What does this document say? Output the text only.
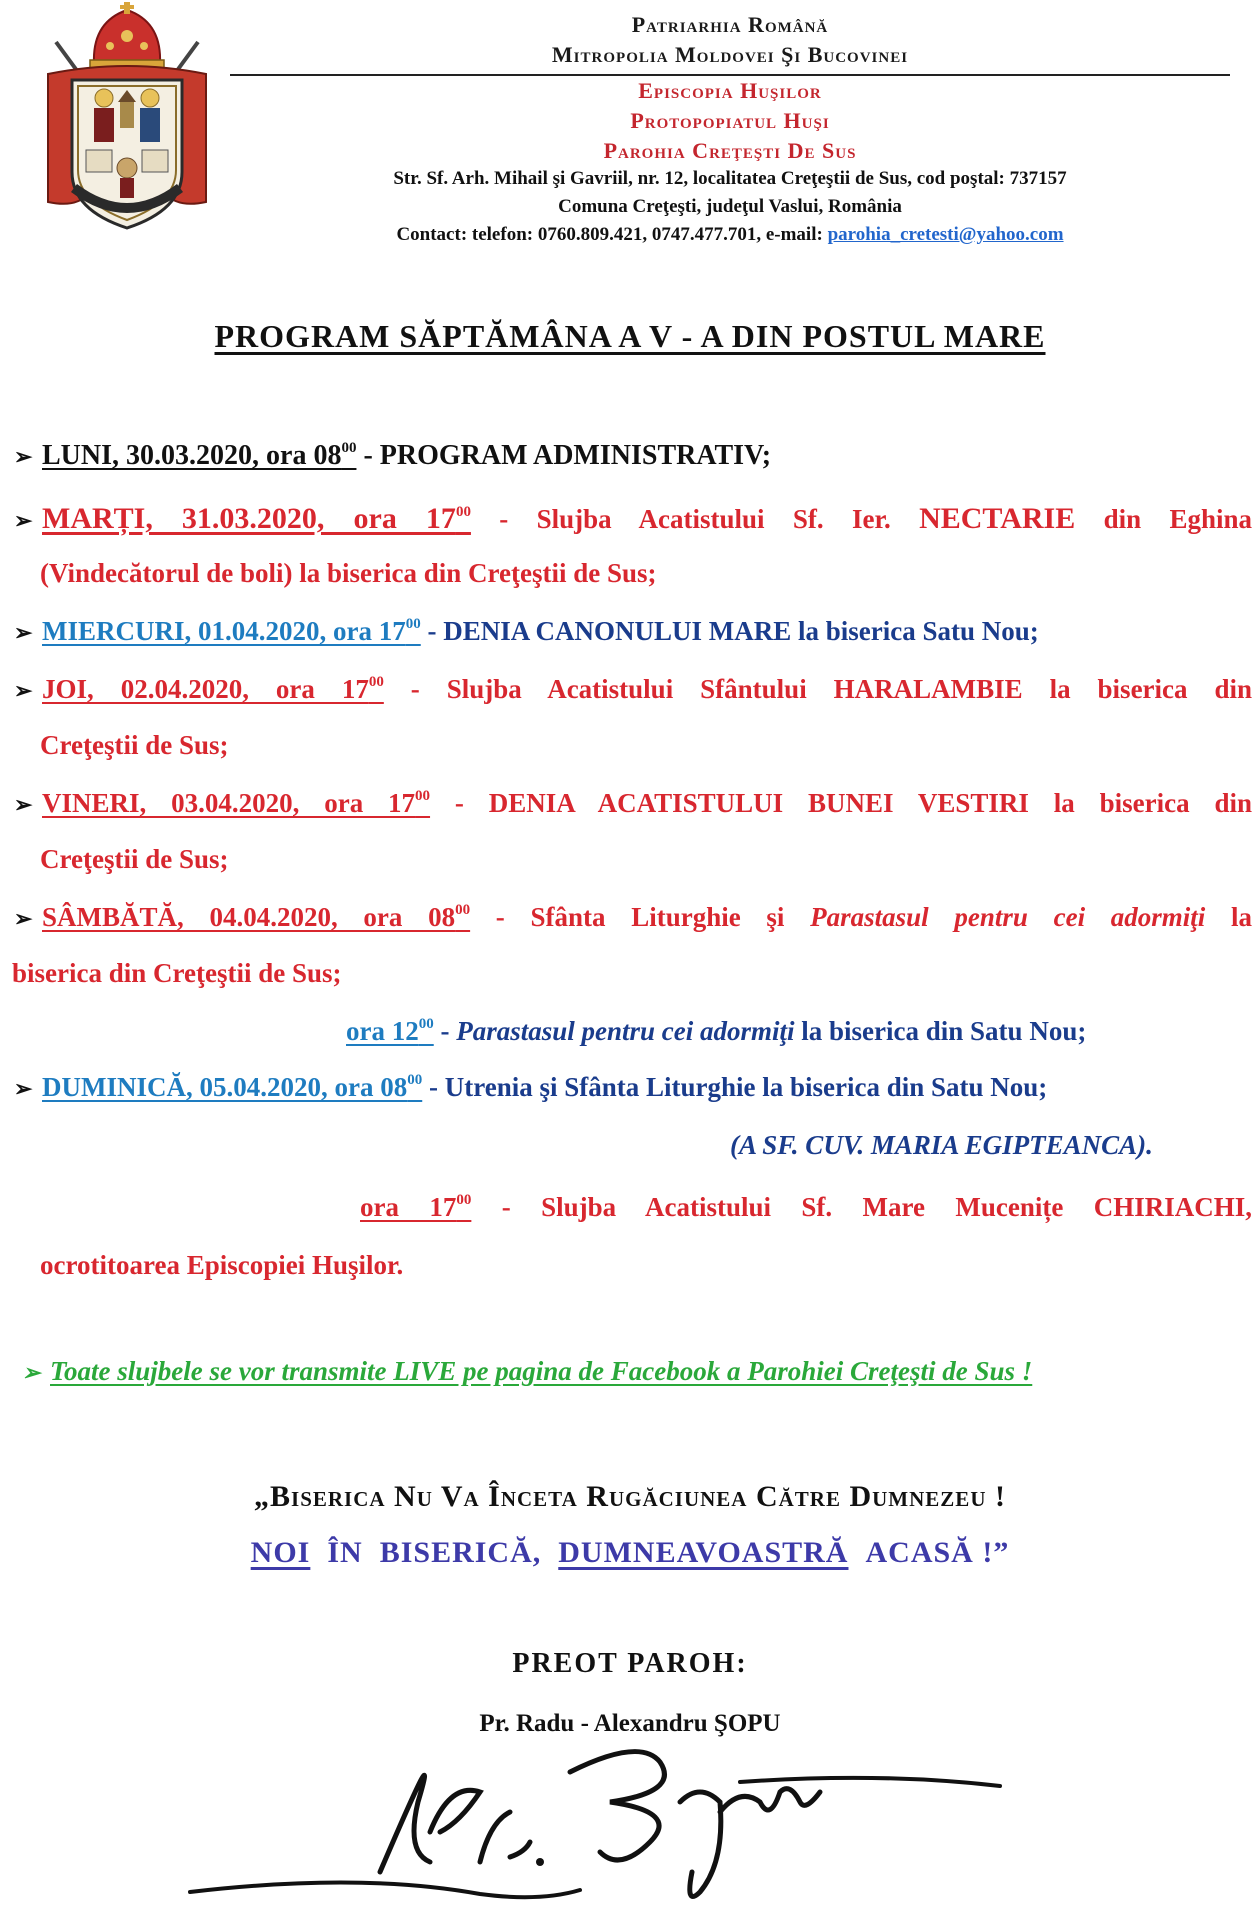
Patriarhia Română
Mitropolia Moldovei Şi Bucovinei
Episcopia Huşilor
Protopopiatul Huşi
Parohia Creţeşti De Sus
Str. Sf. Arh. Mihail şi Gavriil, nr. 12, localitatea Creţeştii de Sus, cod poştal: 737157
Comuna Creţeşti, judeţul Vaslui, România
Contact: telefon: 0760.809.421, 0747.477.701, e-mail: parohia_cretesti@yahoo.com
PROGRAM SĂPTĂMÂNA A V - A DIN POSTUL MARE
➢ LUNI, 30.03.2020, ora $08^{00}$ - PROGRAM ADMINISTRATIV;
➢ MARȚI, 31.03.2020, ora $17^{00}$ - Slujba Acatistului Sf. Ier. NECTARIE din Eghina
(Vindecătorul de boli) la biserica din Creţeştii de Sus;
➢ MIERCURI, 01.04.2020, ora $17^{00}$ - DENIA CANONULUI MARE la biserica Satu Nou;
➢ JOI, 02.04.2020, ora $17^{00}$ - Slujba Acatistului Sfântului HARALAMBIE la biserica din
Creţeştii de Sus;
➢ VINERI, 03.04.2020, ora $17^{00}$ - DENIA ACATISTULUI BUNEI VESTIRI la biserica din
Creţeştii de Sus;
➢ SÂMBĂTĂ, 04.04.2020, ora $08^{00}$ - Sfânta Liturghie şi Parastasul pentru cei adormiţi la
biserica din Creţeştii de Sus;
ora $12^{00}$ - Parastasul pentru cei adormiţi la biserica din Satu Nou;
➢ DUMINICĂ, 05.04.2020, ora $08^{00}$ - Utrenia şi Sfânta Liturghie la biserica din Satu Nou;
(A SF. CUV. MARIA EGIPTEANCA).
ora $17^{00}$ - Slujba Acatistului Sf. Mare Mucenițe CHIRIACHI,
ocrotitoarea Episcopiei Huşilor.
➢ Toate slujbele se vor transmite LIVE pe pagina de Facebook a Parohiei Creţeşti de Sus !
„Biserica Nu Va Înceta Rugăciunea Către Dumnezeu !
NOI ÎN BISERICĂ, DUMNEAVOASTRĂ ACASĂ !”
PREOT PAROH:
Pr. Radu - Alexandru ŞOPU
